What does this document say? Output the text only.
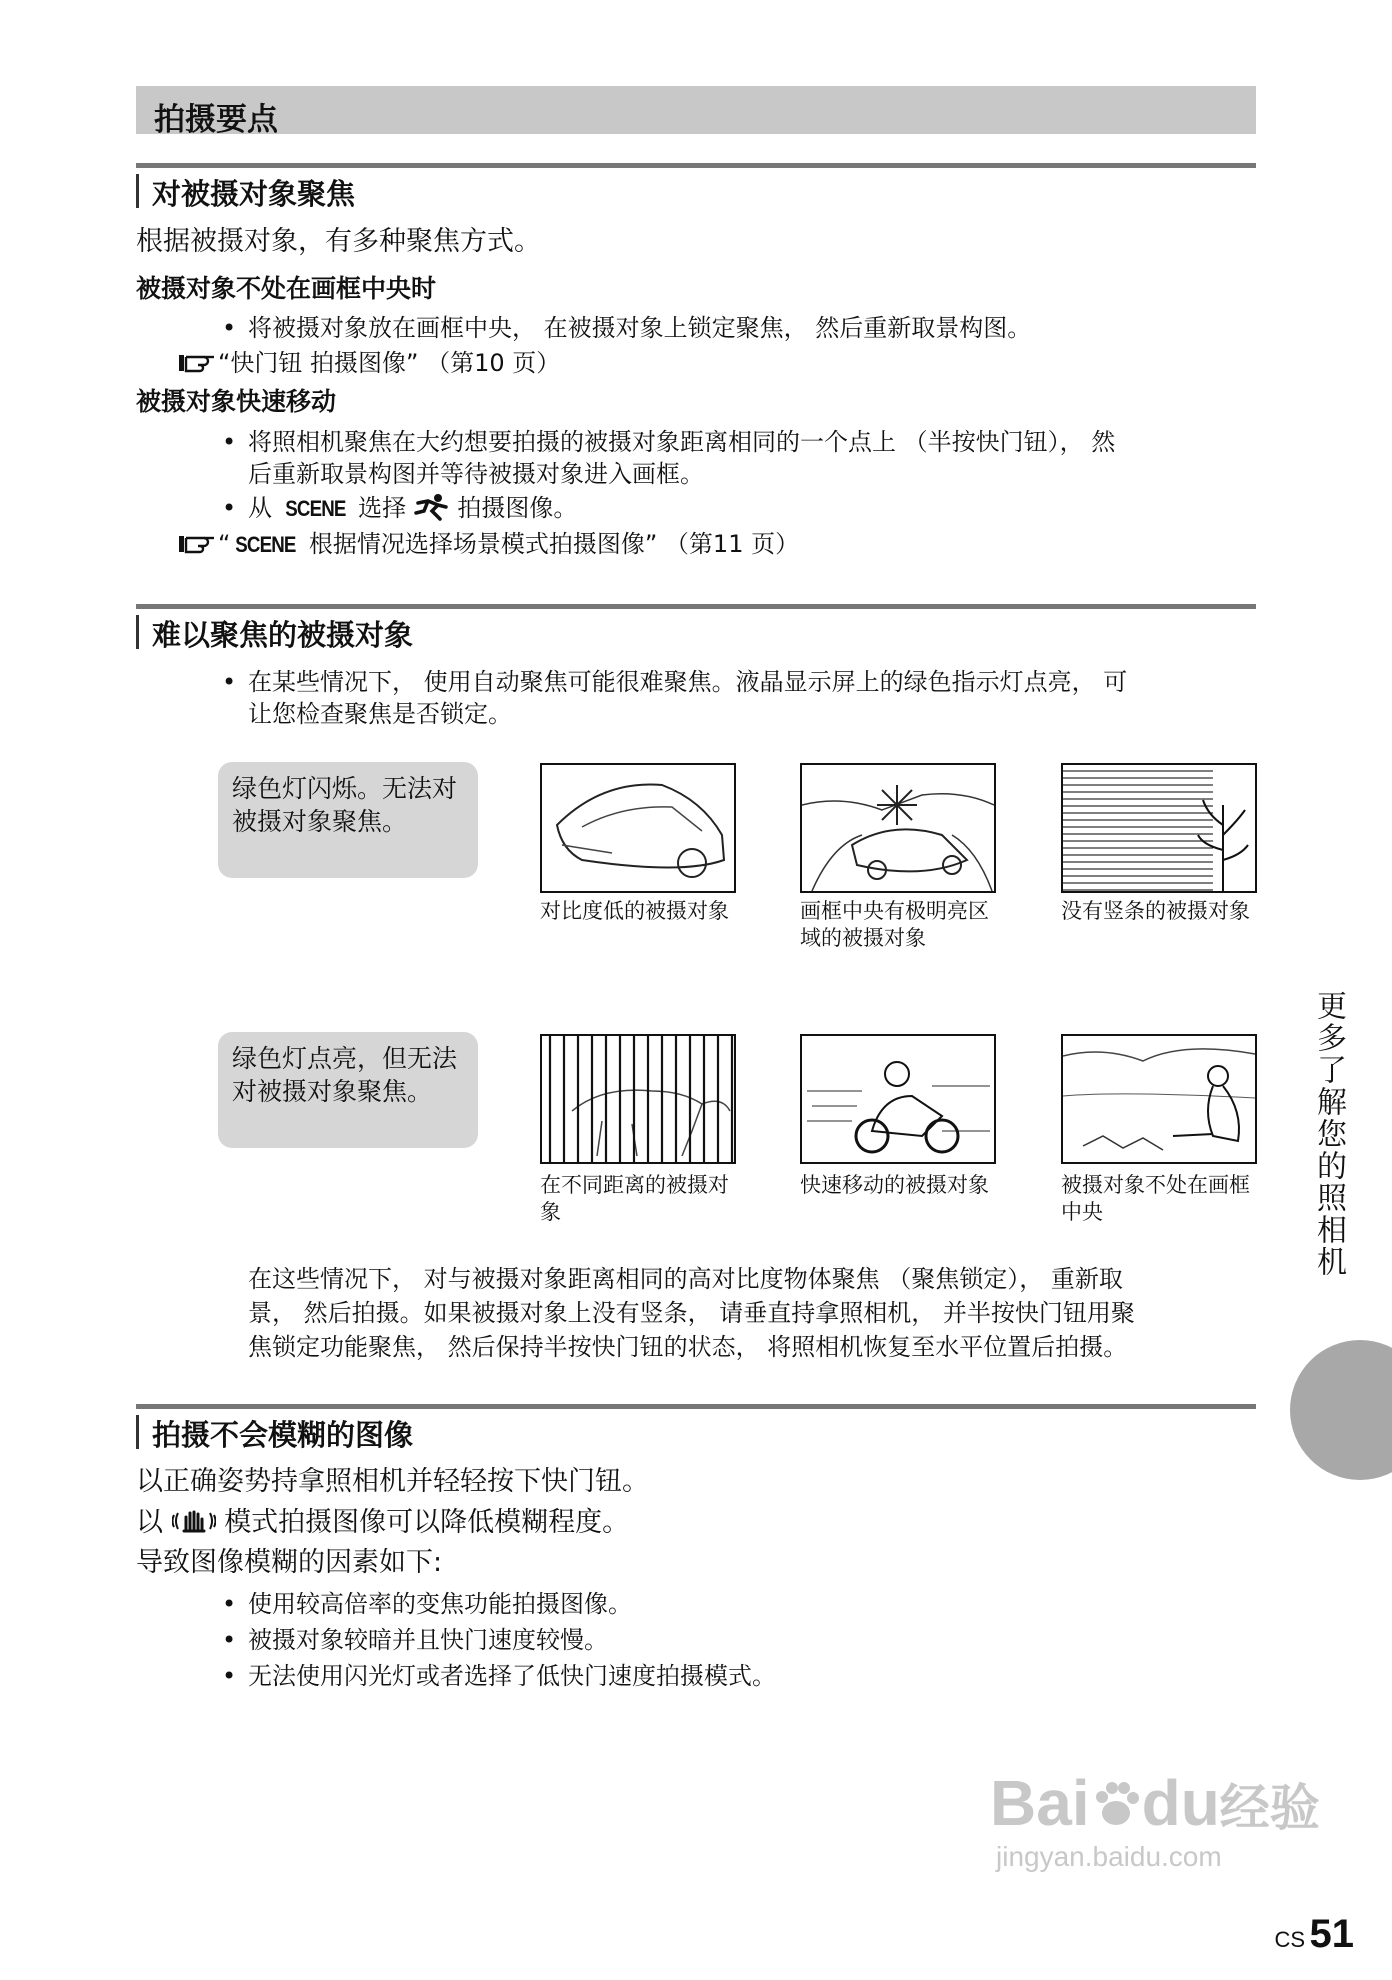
拍摄要点
对被摄对象聚焦
根据被摄对象，有多种聚焦方式。
被摄对象不处在画框中央时
• 将被摄对象放在画框中央， 在被摄对象上锁定聚焦， 然后重新取景构图。
“快门钮 拍摄图像” （第10 页）
被摄对象快速移动
• 将照相机聚焦在大约想要拍摄的被摄对象距离相同的一个点上 （半按快门钮）， 然
后重新取景构图并等待被摄对象进入画框。
• 从 SCENE 选择 拍摄图像。
“ SCENE 根据情况选择场景模式拍摄图像” （第11 页）
难以聚焦的被摄对象
• 在某些情况下， 使用自动聚焦可能很难聚焦。液晶显示屏上的绿色指示灯点亮， 可
让您检查聚焦是否锁定。
绿色灯闪烁。无法对被摄对象聚焦。
绿色灯点亮，但无法对被摄对象聚焦。
对比度低的被摄对象	画框中央有极明亮区域的被摄对象
没有竖条的被摄对象
在不同距离的被摄对象
快速移动的被摄对象	被摄对象不处在画框中央
在这些情况下， 对与被摄对象距离相同的高对比度物体聚焦 （聚焦锁定）， 重新取
景， 然后拍摄。如果被摄对象上没有竖条， 请垂直持拿照相机， 并半按快门钮用聚
焦锁定功能聚焦， 然后保持半按快门钮的状态， 将照相机恢复至水平位置后拍摄。
拍摄不会模糊的图像
以正确姿势持拿照相机并轻轻按下快门钮。
以 模式拍摄图像可以降低模糊程度。
导致图像模糊的因素如下:
• 使用较高倍率的变焦功能拍摄图像。
• 被摄对象较暗并且快门速度较慢。
• 无法使用闪光灯或者选择了低快门速度拍摄模式。
更多了解您的照相机
Bai du经验
jingyan.baidu.com
CS 51
